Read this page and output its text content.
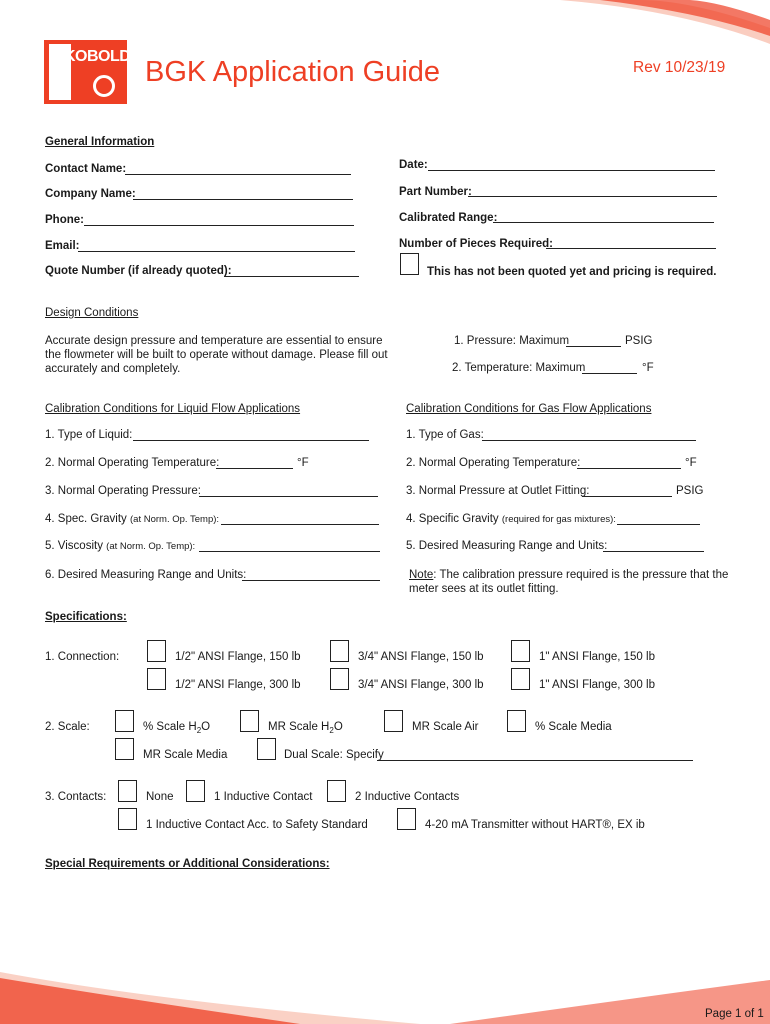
KOBOLD BGK Application Guide	Rev 10/23/19
General Information
Contact Name:	Date:
Company Name:	Part Number:
Phone:	Calibrated Range:
Email:	Number of Pieces Required:
Quote Number (if already quoted):	This has not been quoted yet and pricing is required.
Design Conditions
Accurate design pressure and temperature are essential to ensure
the flowmeter will be built to operate without damage. Please fill out
accurately and completely.
1. Pressure: Maximum	PSIG
2. Temperature: Maximum	°F
Calibration Conditions for Liquid Flow Applications
1. Type of Liquid:
2. Normal Operating Temperature:	°F
3. Normal Operating Pressure:
4. Spec. Gravity (at Norm. Op. Temp):
5. Viscosity (at Norm. Op. Temp):
6. Desired Measuring Range and Units:
Calibration Conditions for Gas Flow Applications
1. Type of Gas:
2. Normal Operating Temperature:	°F
3. Normal Pressure at Outlet Fitting:	PSIG
4. Specific Gravity (required for gas mixtures):
5. Desired Measuring Range and Units:
Note: The calibration pressure required is the pressure that the
meter sees at its outlet fitting.
Specifications:
1. Connection:	1/2" ANSI Flange, 150 lb	3/4" ANSI Flange, 150 lb	1" ANSI Flange, 150 lb
1/2" ANSI Flange, 300 lb	3/4" ANSI Flange, 300 lb	1" ANSI Flange, 300 lb
2. Scale:	% Scale $H_2O$	MR Scale $H_2O$	MR Scale Air	% Scale Media
MR Scale Media	Dual Scale: Specify
3. Contacts:	None	1 Inductive Contact	2 Inductive Contacts
1 Inductive Contact Acc. to Safety Standard	4-20 mA Transmitter without HART®, EX ib
Special Requirements or Additional Considerations:
Page 1 of 1
